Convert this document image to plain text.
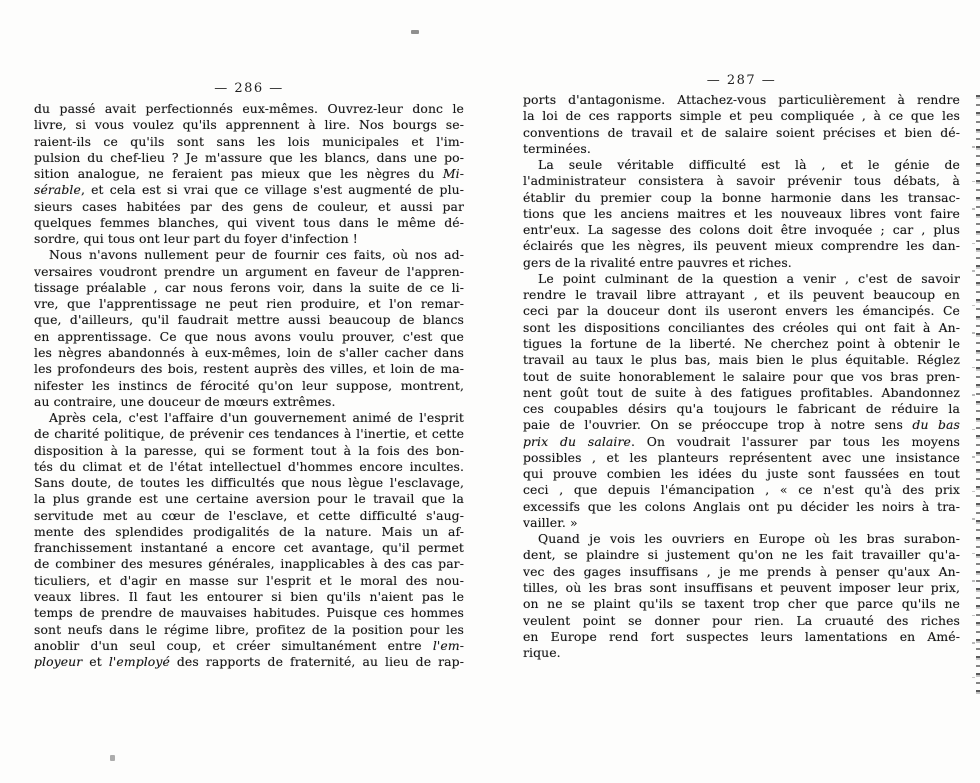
— 286 —
du passé avait perfectionnés eux-mêmes. Ouvrez-leur donc le
livre, si vous voulez qu'ils apprennent à lire. Nos bourgs se-
raient-ils ce qu'ils sont sans les lois municipales et l'im-
pulsion du chef-lieu ? Je m'assure que les blancs, dans une po-
sition analogue, ne feraient pas mieux que les nègres du Mi-
sérable, et cela est si vrai que ce village s'est augmenté de plu-
sieurs cases habitées par des gens de couleur, et aussi par
quelques femmes blanches, qui vivent tous dans le même dé-
sordre, qui tous ont leur part du foyer d'infection !
Nous n'avons nullement peur de fournir ces faits, où nos ad-
versaires voudront prendre un argument en faveur de l'appren-
tissage préalable , car nous ferons voir, dans la suite de ce li-
vre, que l'apprentissage ne peut rien produire, et l'on remar-
que, d'ailleurs, qu'il faudrait mettre aussi beaucoup de blancs
en apprentissage. Ce que nous avons voulu prouver, c'est que
les nègres abandonnés à eux-mêmes, loin de s'aller cacher dans
les profondeurs des bois, restent auprès des villes, et loin de ma-
nifester les instincs de férocité qu'on leur suppose, montrent,
au contraire, une douceur de mœurs extrêmes.
Après cela, c'est l'affaire d'un gouvernement animé de l'esprit
de charité politique, de prévenir ces tendances à l'inertie, et cette
disposition à la paresse, qui se forment tout à la fois des bon-
tés du climat et de l'état intellectuel d'hommes encore incultes.
Sans doute, de toutes les difficultés que nous lègue l'esclavage,
la plus grande est une certaine aversion pour le travail que la
servitude met au cœur de l'esclave, et cette difficulté s'aug-
mente des splendides prodigalités de la nature. Mais un af-
franchissement instantané a encore cet avantage, qu'il permet
de combiner des mesures générales, inapplicables à des cas par-
ticuliers, et d'agir en masse sur l'esprit et le moral des nou-
veaux libres. Il faut les entourer si bien qu'ils n'aient pas le
temps de prendre de mauvaises habitudes. Puisque ces hommes
sont neufs dans le régime libre, profitez de la position pour les
anoblir d'un seul coup, et créer simultanément entre l'em-
ployeur et l'employé des rapports de fraternité, au lieu de rap-
— 287 —
ports d'antagonisme. Attachez-vous particulièrement à rendre
la loi de ces rapports simple et peu compliquée , à ce que les
conventions de travail et de salaire soient précises et bien dé-
terminées.
La seule véritable difficulté est là , et le génie de
l'administrateur consistera à savoir prévenir tous débats, à
établir du premier coup la bonne harmonie dans les transac-
tions que les anciens maitres et les nouveaux libres vont faire
entr'eux. La sagesse des colons doit être invoquée ; car , plus
éclairés que les nègres, ils peuvent mieux comprendre les dan-
gers de la rivalité entre pauvres et riches.
Le point culminant de la question a venir , c'est de savoir
rendre le travail libre attrayant , et ils peuvent beaucoup en
ceci par la douceur dont ils useront envers les émancipés. Ce
sont les dispositions conciliantes des créoles qui ont fait à An-
tigues la fortune de la liberté. Ne cherchez point à obtenir le
travail au taux le plus bas, mais bien le plus équitable. Réglez
tout de suite honorablement le salaire pour que vos bras pren-
nent goût tout de suite à des fatigues profitables. Abandonnez
ces coupables désirs qu'a toujours le fabricant de réduire la
paie de l'ouvrier. On se préoccupe trop à notre sens du bas
prix du salaire. On voudrait l'assurer par tous les moyens
possibles , et les planteurs représentent avec une insistance
qui prouve combien les idées du juste sont faussées en tout
ceci , que depuis l'émancipation , « ce n'est qu'à des prix
excessifs que les colons Anglais ont pu décider les noirs à tra-
vailler. »
Quand je vois les ouvriers en Europe où les bras surabon-
dent, se plaindre si justement qu'on ne les fait travailler qu'a-
vec des gages insuffisans , je me prends à penser qu'aux An-
tilles, où les bras sont insuffisans et peuvent imposer leur prix,
on ne se plaint qu'ils se taxent trop cher que parce qu'ils ne
veulent point se donner pour rien. La cruauté des riches
en Europe rend fort suspectes leurs lamentations en Amé-
rique.
